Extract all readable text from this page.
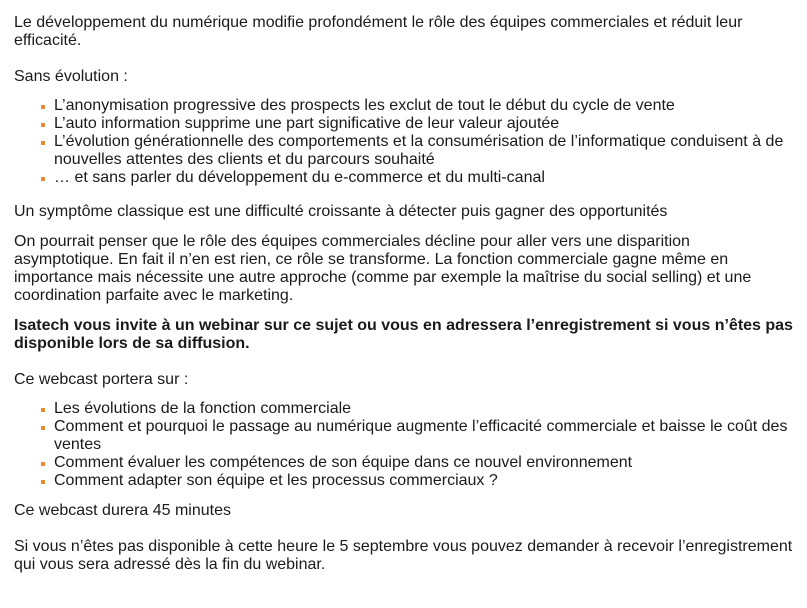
Le développement du numérique modifie profondément le rôle des équipes commerciales et réduit leur efficacité.

Sans évolution :

L’anonymisation progressive des prospects les exclut de tout le début du cycle de vente
L’auto information supprime une part significative de leur valeur ajoutée
L’évolution générationnelle des comportements et la consumérisation de l’informatique conduisent à de nouvelles attentes des clients et du parcours souhaité
… et sans parler du développement du e-commerce et du multi-canal

Un symptôme classique est une difficulté croissante à détecter puis gagner des opportunités

On pourrait penser que le rôle des équipes commerciales décline pour aller vers une disparition asymptotique. En fait il n’en est rien, ce rôle se transforme. La fonction commerciale gagne même en importance mais nécessite une autre approche (comme par exemple la maîtrise du social selling) et une coordination parfaite avec le marketing.

Isatech vous invite à un webinar sur ce sujet ou vous en adressera l’enregistrement si vous n’êtes pas disponible lors de sa diffusion.

Ce webcast portera sur :

Les évolutions de la fonction commerciale
Comment et pourquoi le passage au numérique augmente l’efficacité commerciale et baisse le coût des ventes
Comment évaluer les compétences de son équipe dans ce nouvel environnement
Comment adapter son équipe et les processus commerciaux ?

Ce webcast durera 45 minutes

Si vous n’êtes pas disponible à cette heure le 5 septembre vous pouvez demander à recevoir l’enregistrement qui vous sera adressé dès la fin du webinar.
